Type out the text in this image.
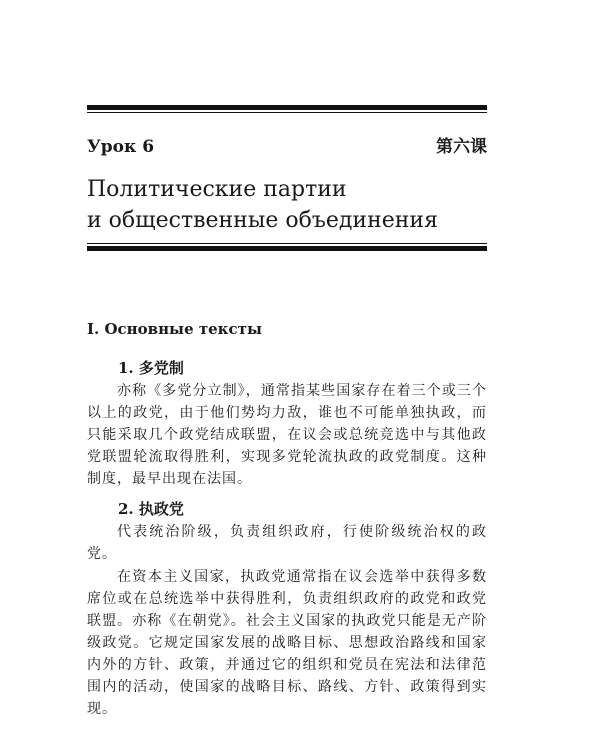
Урок 6	第六课
Политические партии
и общественные объединения
I. Основные тексты
1. 多党制
亦称《多党分立制》，通常指某些国家存在着三个或三个以上的政党，由于他们势均力敌，谁也不可能单独执政，而只能采取几个政党结成联盟，在议会或总统竞选中与其他政党联盟轮流取得胜利，实现多党轮流执政的政党制度。这种制度，最早出现在法国。
2. 执政党
代表统治阶级，负责组织政府，行使阶级统治权的政党。
在资本主义国家，执政党通常指在议会选举中获得多数席位或在总统选举中获得胜利，负责组织政府的政党和政党联盟。亦称《在朝党》。社会主义国家的执政党只能是无产阶级政党。它规定国家发展的战略目标、思想政治路线和国家内外的方针、政策，并通过它的组织和党员在宪法和法律范围内的活动，使国家的战略目标、路线、方针、政策得到实现。
